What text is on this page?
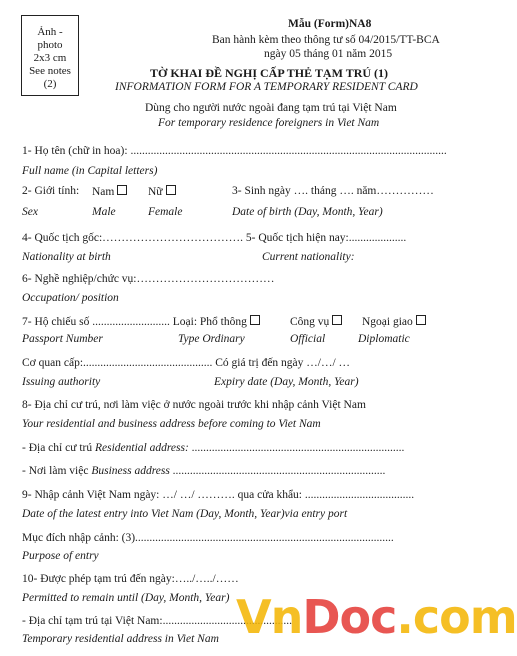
Ảnh -
photo
2x3 cm
See notes
(2)
Mẫu (Form)NA8
Ban hành kèm theo thông tư số 04/2015/TT-BCA
ngày 05 tháng 01 năm 2015
TỜ KHAI ĐỀ NGHỊ CẤP THẺ TẠM TRÚ (1)
INFORMATION FORM FOR A TEMPORARY RESIDENT CARD
Dùng cho người nước ngoài đang tạm trú tại Việt Nam
For temporary residence foreigners in Viet Nam
1- Họ tên (chữ in hoa): ..............................................................................................................
Full name (in Capital letters)
2- Giới tính: Nam	Nữ	3- Sinh ngày …. tháng …. năm……………
Sex	Male	Female	Date of birth (Day, Month, Year)
4- Quốc tịch gốc:………………………………. 5- Quốc tịch hiện nay:....................
Nationality at birth	Current nationality:
6- Nghề nghiệp/chức vụ:………………………………
Occupation/ position
7- Hộ chiếu số ........................... Loại: Phổ thông	Công vụ	Ngoại giao
Passport Number	Type Ordinary	Official	Diplomatic
Cơ quan cấp:............................................. Có giá trị đến ngày …/…/ …
Issuing authority	Expiry date (Day, Month, Year)
8- Địa chỉ cư trú, nơi làm việc ở nước ngoài trước khi nhập cảnh Việt Nam
Your residential and business address before coming to Viet Nam
- Địa chỉ cư trú Residential address: ..........................................................................
- Nơi làm việc Business address ..........................................................................
9- Nhập cảnh Việt Nam ngày: …/ …/ ………. qua cửa khẩu: ......................................
Date of the latest entry into Viet Nam (Day, Month, Year)via entry port
Mục đích nhập cảnh: (3)..........................................................................................
Purpose of entry
10- Được phép tạm trú đến ngày:…../…../……
Permitted to remain until (Day, Month, Year)
- Địa chỉ tạm trú tại Việt Nam:.............................................
Temporary residential address in Viet Nam VnDoc.com
